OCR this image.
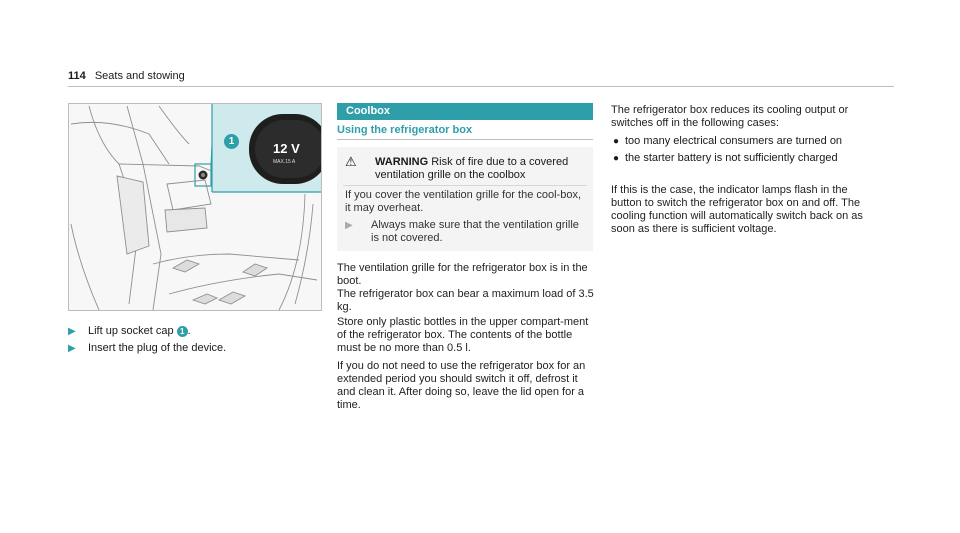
114 Seats and stowing
1	12 V
MAX.15 A
▶ Lift up socket cap 1 .
▶ Insert the plug of the device.
Coolbox
Using the refrigerator box
⚠ WARNING Risk of fire due to a covered ventilation grille on the coolbox
If you cover the ventilation grille for the cool-box, it may overheat.
▶	Always make sure that the ventilation grille is not covered.
The ventilation grille for the refrigerator box is in the boot.
The refrigerator box can bear a maximum load of 3.5 kg.
Store only plastic bottles in the upper compart-ment of the refrigerator box. The contents of the bottle must be no more than 0.5 l.
If you do not need to use the refrigerator box for an extended period you should switch it off, defrost it and clean it. After doing so, leave the lid open for a time.
The refrigerator box reduces its cooling output or switches off in the following cases:
● too many electrical consumers are turned on
● the starter battery is not sufficiently charged
If this is the case, the indicator lamps flash in the button to switch the refrigerator box on and off. The cooling function will automatically switch back on as soon as there is sufficient voltage.
